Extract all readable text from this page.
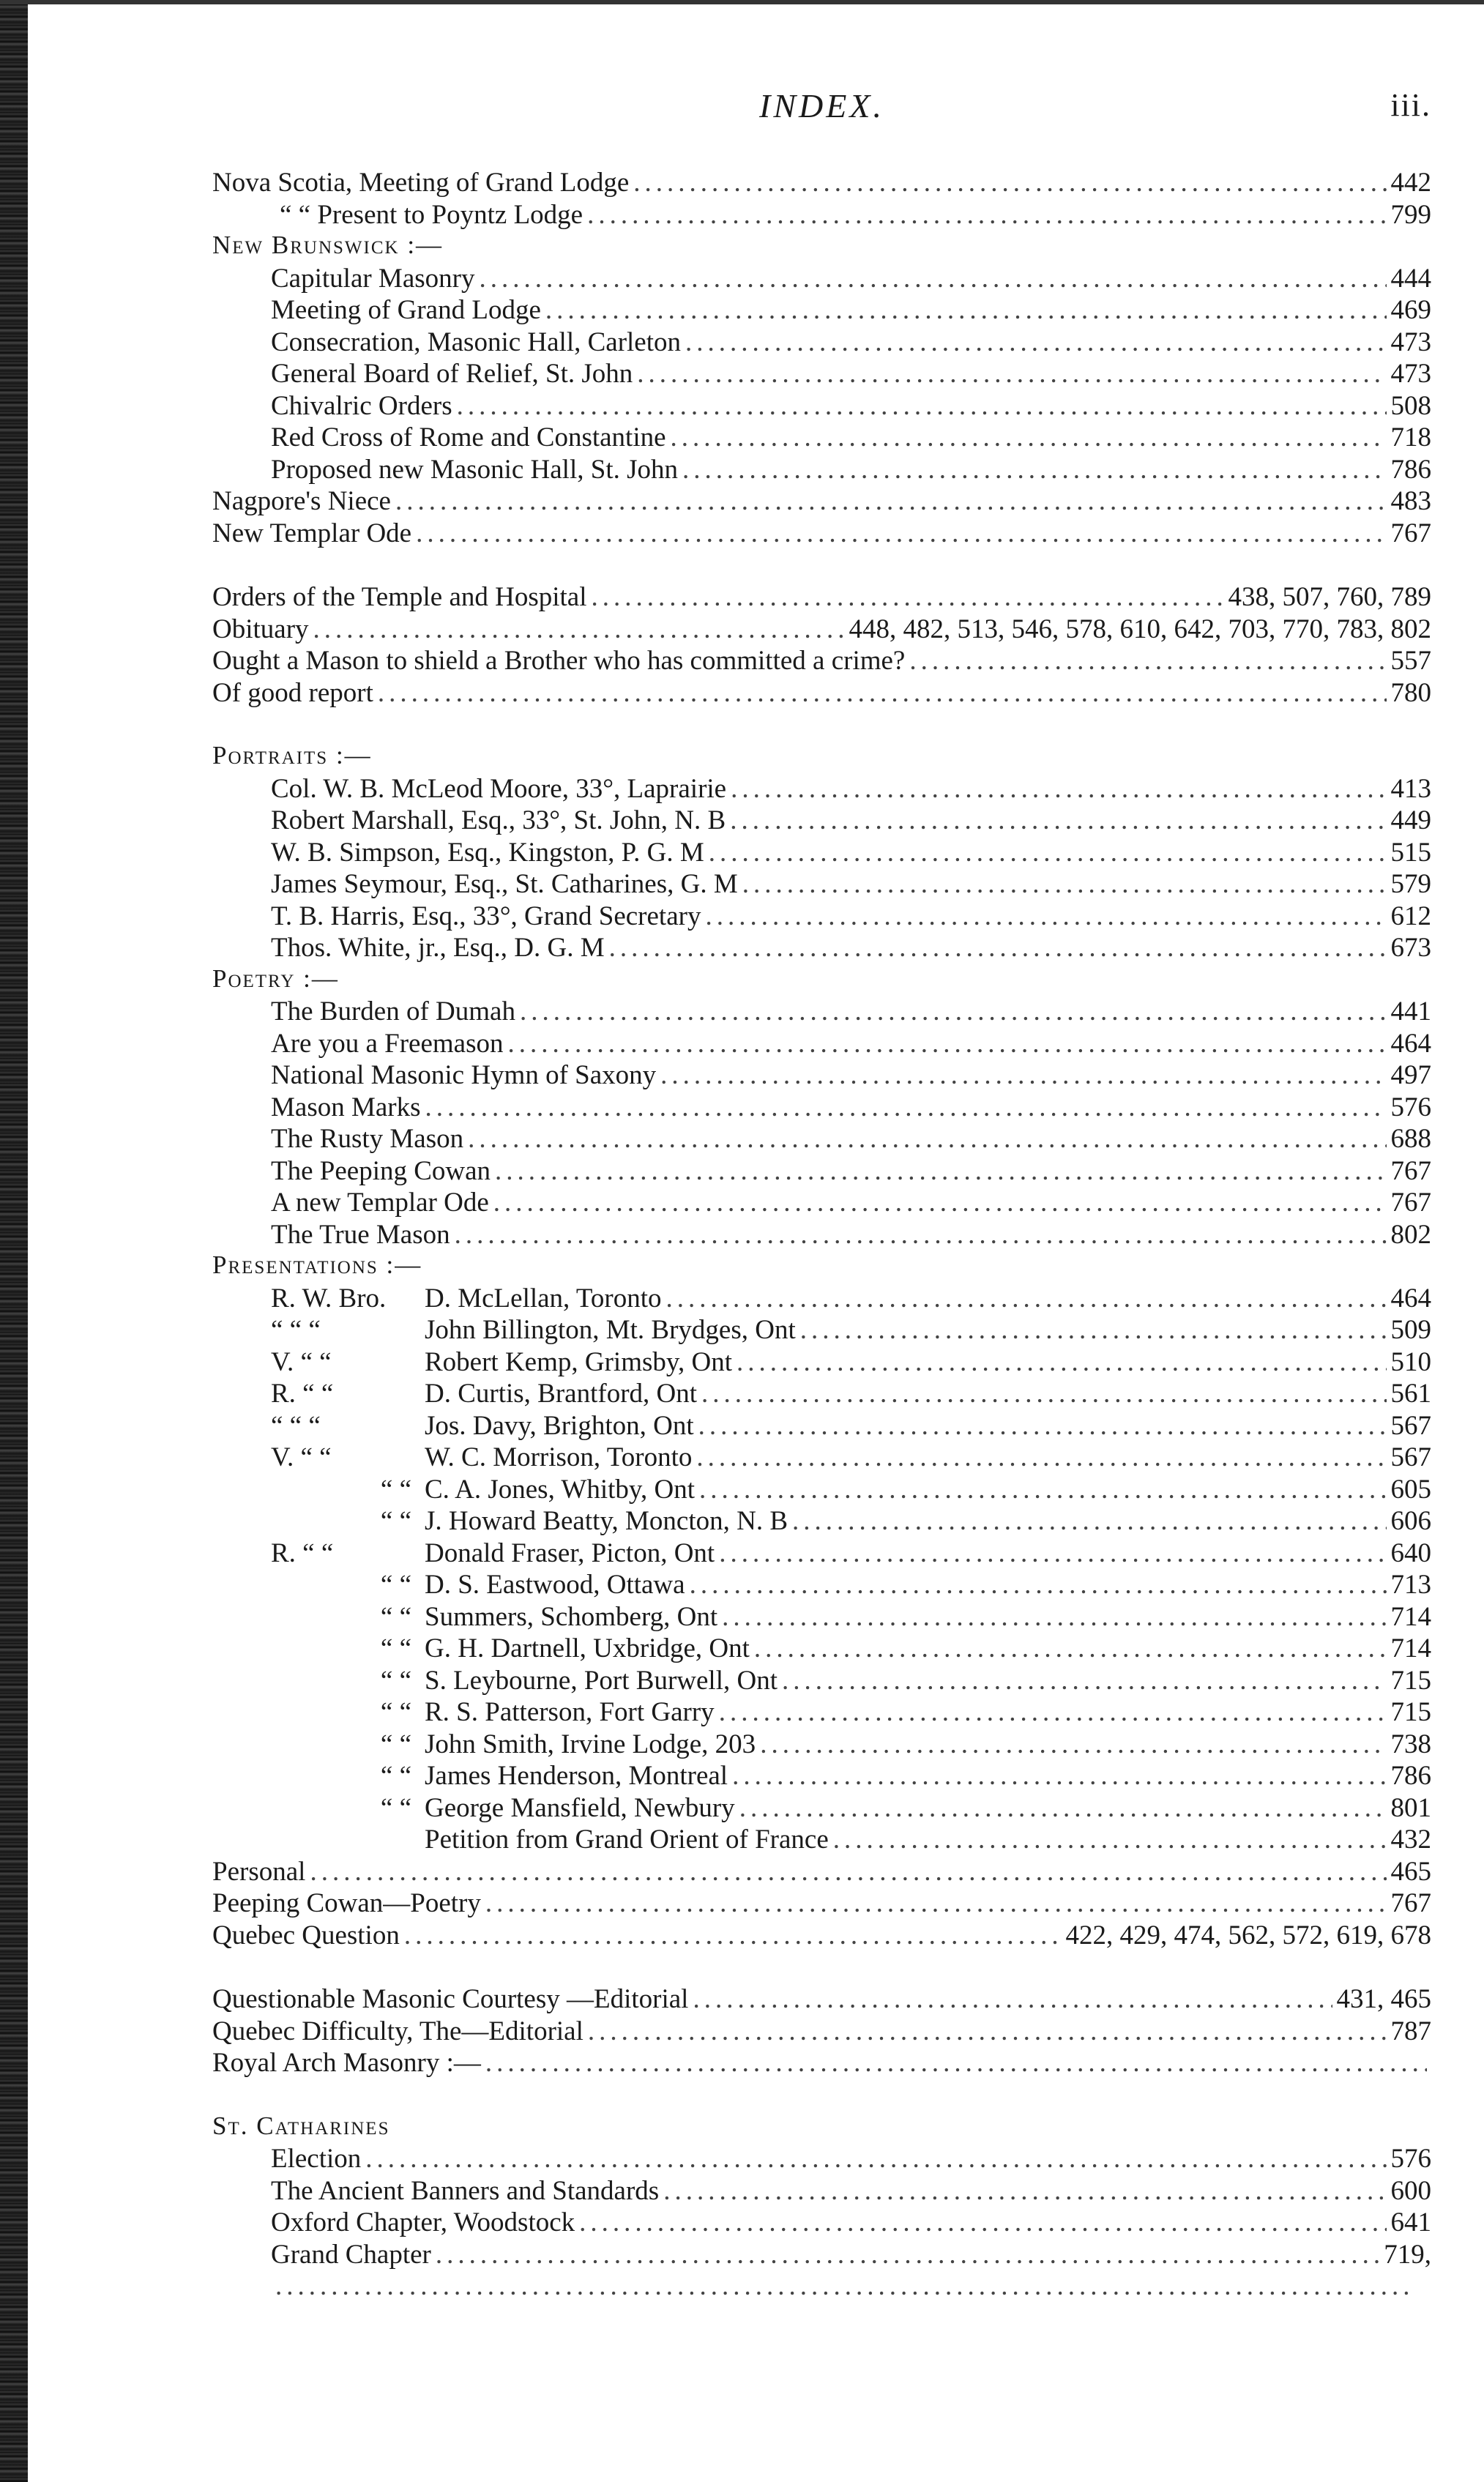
INDEX.	iii.
Nova Scotia, Meeting of Grand Lodge .....	442
“ “ Present to Poyntz Lodge .....	799
New Brunswick :—
Capitular Masonry .....	444
Meeting of Grand Lodge .....	469
Consecration, Masonic Hall, Carleton .....	473
General Board of Relief, St. John .....	473
Chivalric Orders .....	508
Red Cross of Rome and Constantine .....	718
Proposed new Masonic Hall, St. John .....	786
Nagpore's Niece .....	483
New Templar Ode .....	767
Orders of the Temple and Hospital .....	438, 507, 760, 789
Obituary .....	448, 482, 513, 546, 578, 610, 642, 703, 770, 783, 802
Ought a Mason to shield a Brother who has committed a crime? .....	557
Of good report .....	780
Portraits :—
Col. W. B. McLeod Moore, 33°, Laprairie .....	413
Robert Marshall, Esq., 33°, St. John, N. B .....	449
W. B. Simpson, Esq., Kingston, P. G. M .....	515
James Seymour, Esq., St. Catharines, G. M .....	579
T. B. Harris, Esq., 33°, Grand Secretary .....	612
Thos. White, jr., Esq., D. G. M .....	673
Poetry :—
The Burden of Dumah .....	441
Are you a Freemason .....	464
National Masonic Hymn of Saxony .....	497
Mason Marks .....	576
The Rusty Mason .....	688
The Peeping Cowan .....	767
A new Templar Ode .....	767
The True Mason .....	802
Presentations :—
R. W. Bro.	D. McLellan, Toronto .....	464
“ “ “	John Billington, Mt. Brydges, Ont .....	509
V. “ “	Robert Kemp, Grimsby, Ont .....	510
R. “ “	D. Curtis, Brantford, Ont .....	561
“ “ “	Jos. Davy, Brighton, Ont .....	567
V. “ “	W. C. Morrison, Toronto .....	567
“ “ C. A. Jones, Whitby, Ont .....	605
“ “ J. Howard Beatty, Moncton, N. B .....	606
R. “ “	Donald Fraser, Picton, Ont .....	640
“ “ D. S. Eastwood, Ottawa .....	713
“ “ Summers, Schomberg, Ont .....	714
“ “ G. H. Dartnell, Uxbridge, Ont .....	714
“ “ S. Leybourne, Port Burwell, Ont .....	715
“ “ R. S. Patterson, Fort Garry .....	715
“ “ John Smith, Irvine Lodge, 203 .....	738
“ “ James Henderson, Montreal .....	786
“ “ George Mansfield, Newbury .....	801
Petition from Grand Orient of France .....	432
Personal .....	465
Peeping Cowan—Poetry .....	767
Quebec Question .....	422, 429, 474, 562, 572, 619, 678
Questionable Masonic Courtesy —Editorial .....	431, 465
Quebec Difficulty, The—Editorial .....	787
Royal Arch Masonry :—
.....
St. Catharines
Election .....	576
The Ancient Banners and Standards .....	600
Oxford Chapter, Woodstock .....	641
Grand Chapter .....	719,
.....
